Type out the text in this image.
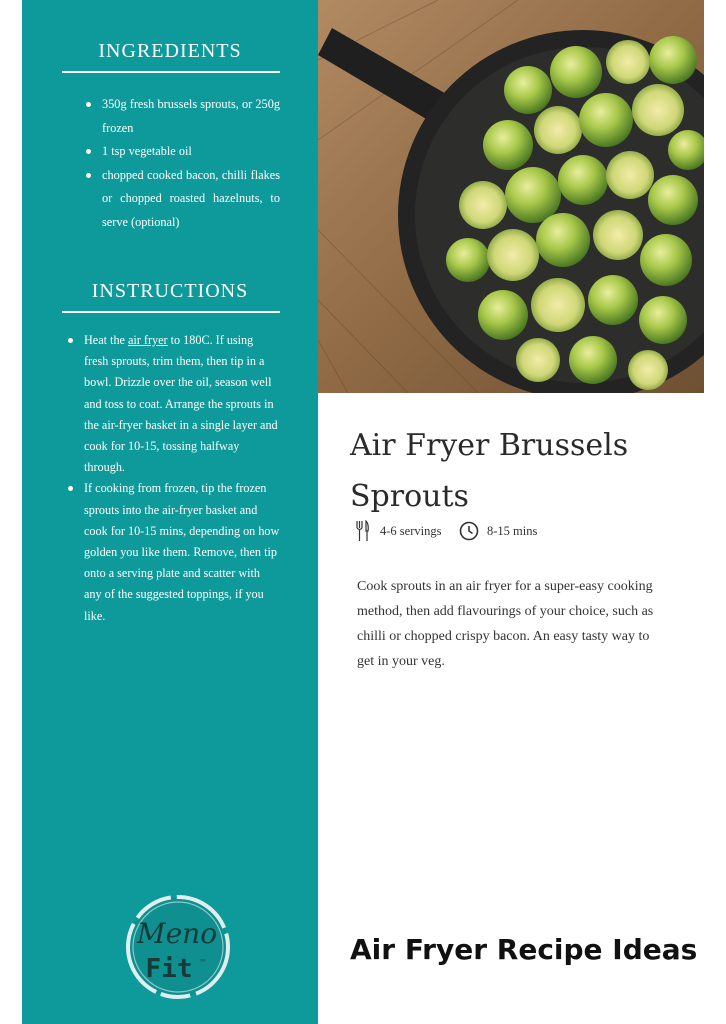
INGREDIENTS
350g fresh brussels sprouts, or 250g frozen
1 tsp vegetable oil
chopped cooked bacon, chilli flakes or chopped roasted hazelnuts, to serve (optional)
INSTRUCTIONS
Heat the air fryer to 180C. If using fresh sprouts, trim them, then tip in a bowl. Drizzle over the oil, season well and toss to coat. Arrange the sprouts in the air-fryer basket in a single layer and cook for 10-15, tossing halfway through.
If cooking from frozen, tip the frozen sprouts into the air-fryer basket and cook for 10-15 mins, depending on how golden you like them. Remove, then tip onto a serving plate and scatter with any of the suggested toppings, if you like.
Meno
Fit ™
Air Fryer Brussels Sprouts
4-6 servings	8-15 mins

Cook sprouts in an air fryer for a super-easy cooking method, then add flavourings of your choice, such as chilli or chopped crispy bacon. An easy tasty way to get in your veg.

Air Fryer Recipe Ideas
